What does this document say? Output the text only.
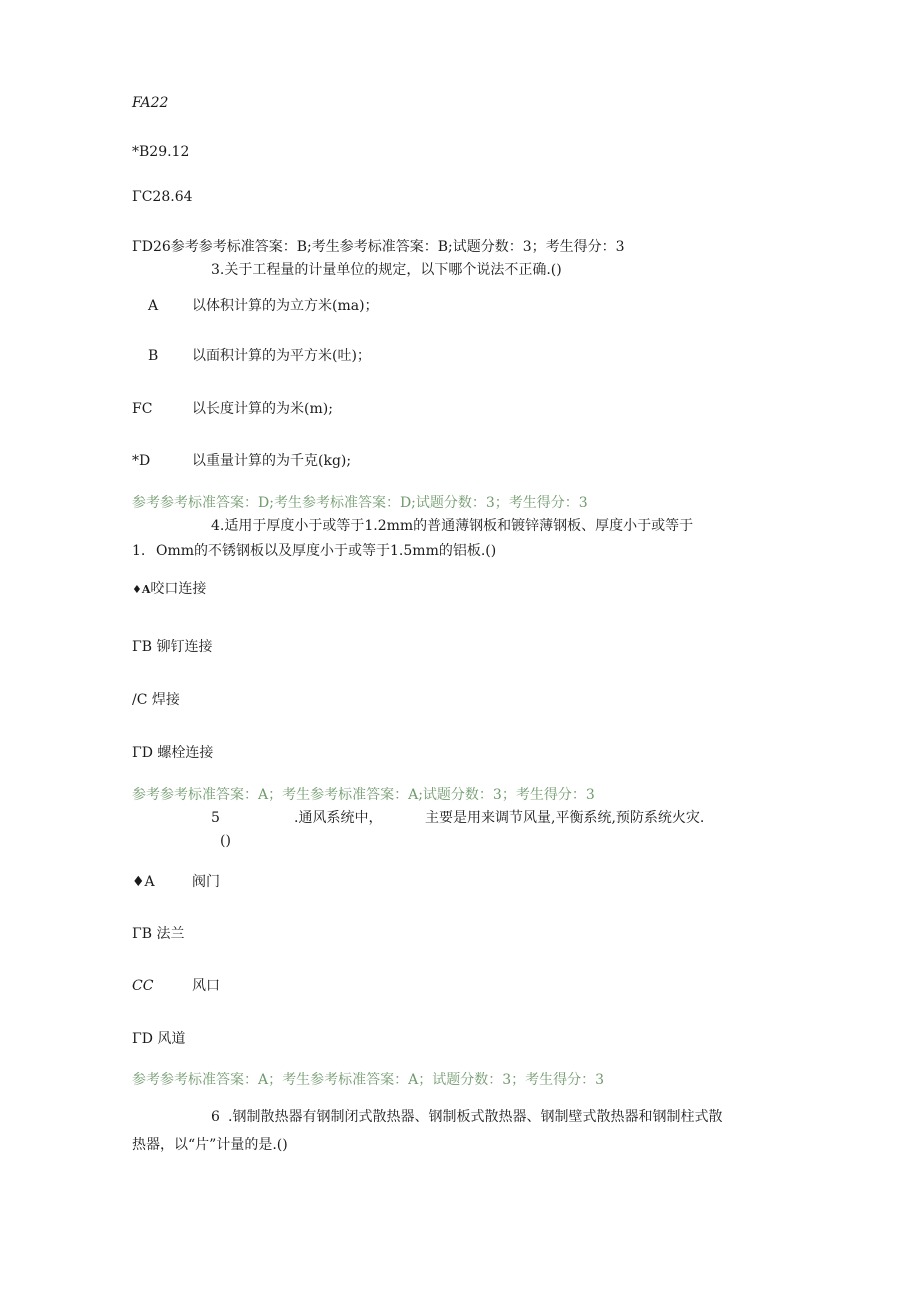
FA22
*B29.12
ΓC28.64
ΓD26参考参考标准答案：B;考生参考标准答案：B;试题分数：3；考生得分：3
3.关于工程量的计量单位的规定，以下哪个说法不正确.()
A 以体积计算的为立方米(ma)；
B 以面积计算的为平方米(吐)；
FC	以长度计算的为米(m);
*D	以重量计算的为千克(kg);
参考参考标准答案：D;考生参考标准答案：D;试题分数：3；考生得分：3
4.适用于厚度小于或等于1.2mm的普通薄钢板和镀锌薄钢板、厚度小于或等于
1. Omm的不锈钢板以及厚度小于或等于1.5mm的铝板.()
♦A咬口连接
ΓB 铆钉连接
/C 焊接
ΓD 螺栓连接
参考参考标准答案：A；考生参考标准答案：A;试题分数：3；考生得分：3
5	.通风系统中，	主要是用来调节风量,平衡系统,预防系统火灾.
()
♦A	阀门
ΓB 法兰
CC	风口
ΓD 风道
参考参考标准答案：A；考生参考标准答案：A；试题分数：3；考生得分：3
6 .钢制散热器有钢制闭式散热器、钢制板式散热器、钢制壁式散热器和钢制柱式散
热器，以“片”计量的是.()
